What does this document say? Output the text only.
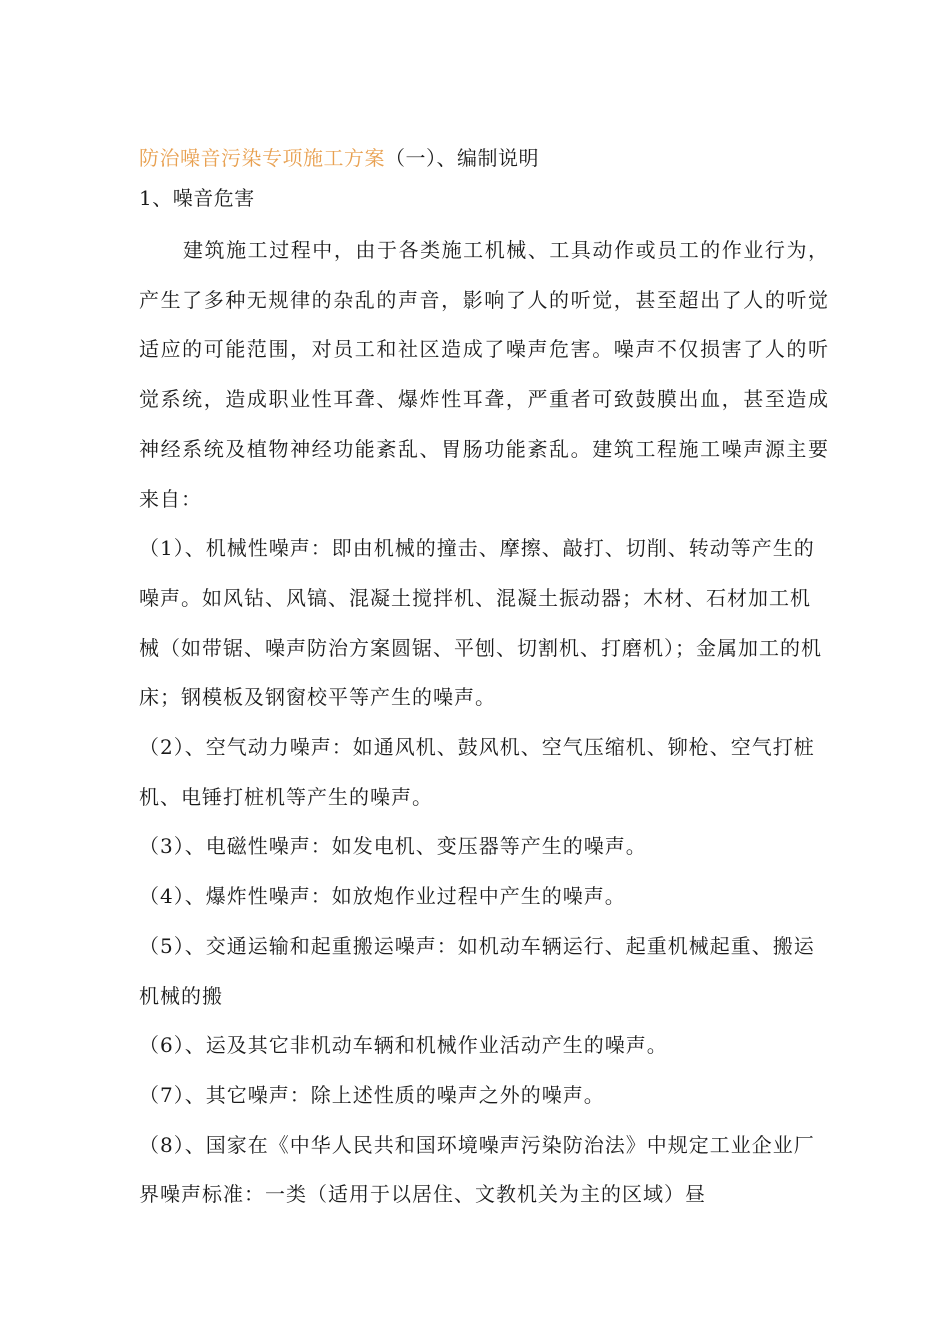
防治噪音污染专项施工方案（一）、编制说明
1、噪音危害

建筑施工过程中，由于各类施工机械、工具动作或员工的作业行为，产生了多种无规律的杂乱的声音，影响了人的听觉，甚至超出了人的听觉适应的可能范围，对员工和社区造成了噪声危害。噪声不仅损害了人的听觉系统，造成职业性耳聋、爆炸性耳聋，严重者可致鼓膜出血，甚至造成神经系统及植物神经功能紊乱、胃肠功能紊乱。建筑工程施工噪声源主要来自：

（1）、机械性噪声：即由机械的撞击、摩擦、敲打、切削、转动等产生的噪声。如风钻、风镐、混凝土搅拌机、混凝土振动器；木材、石材加工机械（如带锯、噪声防治方案圆锯、平刨、切割机、打磨机）；金属加工的机床；钢模板及钢窗校平等产生的噪声。

（2）、空气动力噪声：如通风机、鼓风机、空气压缩机、铆枪、空气打桩机、电锤打桩机等产生的噪声。

（3）、电磁性噪声：如发电机、变压器等产生的噪声。

（4）、爆炸性噪声：如放炮作业过程中产生的噪声。

（5）、交通运输和起重搬运噪声：如机动车辆运行、起重机械起重、搬运机械的搬

（6）、运及其它非机动车辆和机械作业活动产生的噪声。

（7）、其它噪声：除上述性质的噪声之外的噪声。

（8）、国家在《中华人民共和国环境噪声污染防治法》中规定工业企业厂界噪声标准：一类（适用于以居住、文教机关为主的区域）昼
